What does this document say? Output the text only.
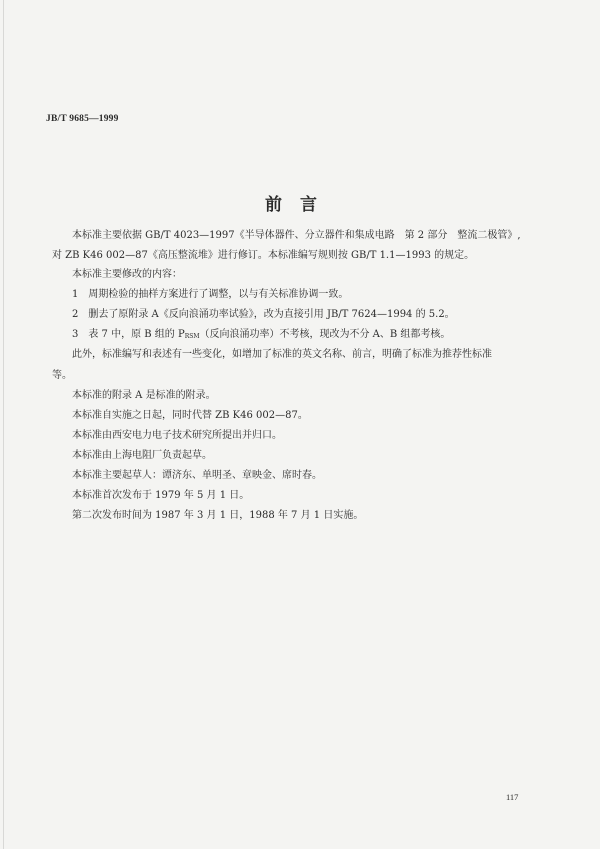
JB/T 9685—1999
前言
本标准主要依据 GB/T 4023—1997《半导体器件、分立器件和集成电路　第 2 部分　整流二极管》,
对 ZB K46 002—87《高压整流堆》进行修订。本标准编写规则按 GB/T 1.1—1993 的规定。
本标准主要修改的内容：
1　周期检验的抽样方案进行了调整，以与有关标准协调一致。
2　删去了原附录 A《反向浪涌功率试验》，改为直接引用 JB/T 7624—1994 的 5.2。
3　表 7 中，原 B 组的 $P_{RSM}$（反向浪涌功率）不考核，现改为不分 A、B 组都考核。
此外，标准编写和表述有一些变化，如增加了标准的英文名称、前言，明确了标准为推荐性标准
等。
本标准的附录 A 是标准的附录。
本标准自实施之日起，同时代替 ZB K46 002—87。
本标准由西安电力电子技术研究所提出并归口。
本标准由上海电阻厂负责起草。
本标准主要起草人：谭济东、单明圣、章映金、席时春。
本标准首次发布于 1979 年 5 月 1 日。
第二次发布时间为 1987 年 3 月 1 日，1988 年 7 月 1 日实施。
117
